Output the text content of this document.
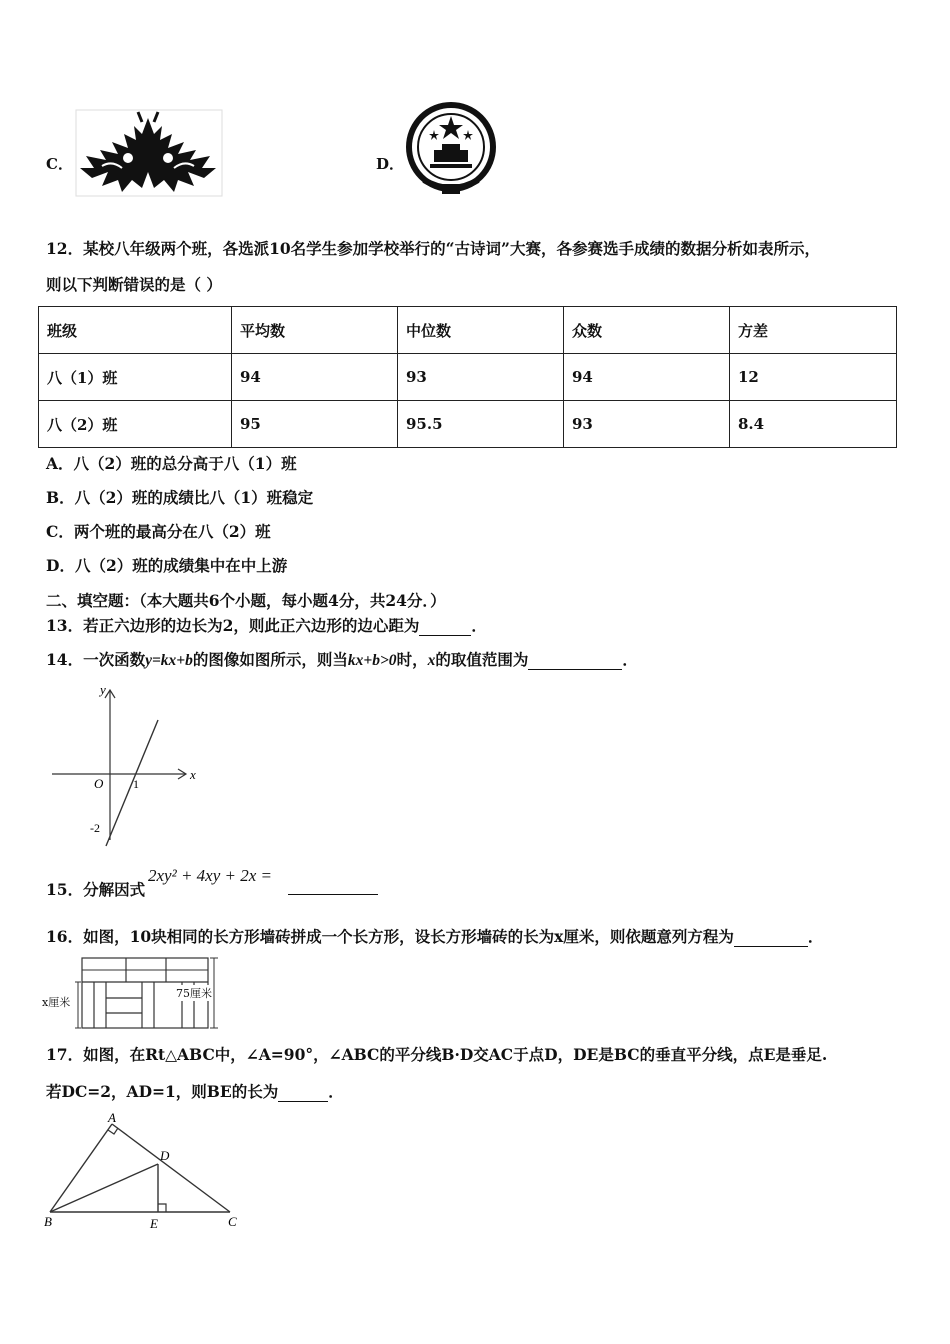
C．	D．
12．某校八年级两个班，各选派10名学生参加学校举行的“古诗词”大赛，各参赛选手成绩的数据分析如表所示，
则以下判断错误的是（ ）
班级	平均数	中位数	众数	方差
八（1）班	94	93	94	12
八（2）班	95	95.5	93	8.4
A．八（2）班的总分高于八（1）班
B．八（2）班的成绩比八（1）班稳定
C．两个班的最高分在八（2）班
D．八（2）班的成绩集中在中上游
二、填空题：（本大题共6个小题，每小题4分，共24分．）
13．若正六边形的边长为2，则此正六边形的边心距为	．
14．一次函数y=kx+b的图像如图所示，则当kx+b>0时，x的取值范围为	．
y
x
O 1
-2
15．分解因式
2xy² + 4xy + 2x =
16．如图，10块相同的长方形墙砖拼成一个长方形，设长方形墙砖的长为x厘米，则依题意列方程为	．
x厘米
75厘米
17．如图，在Rt△ABC中，∠A=90°，∠ABC的平分线B·D交AC于点D，DE是BC的垂直平分线，点E是垂足.
若DC=2，AD=1，则BE的长为	．
A
B	C
D
E
